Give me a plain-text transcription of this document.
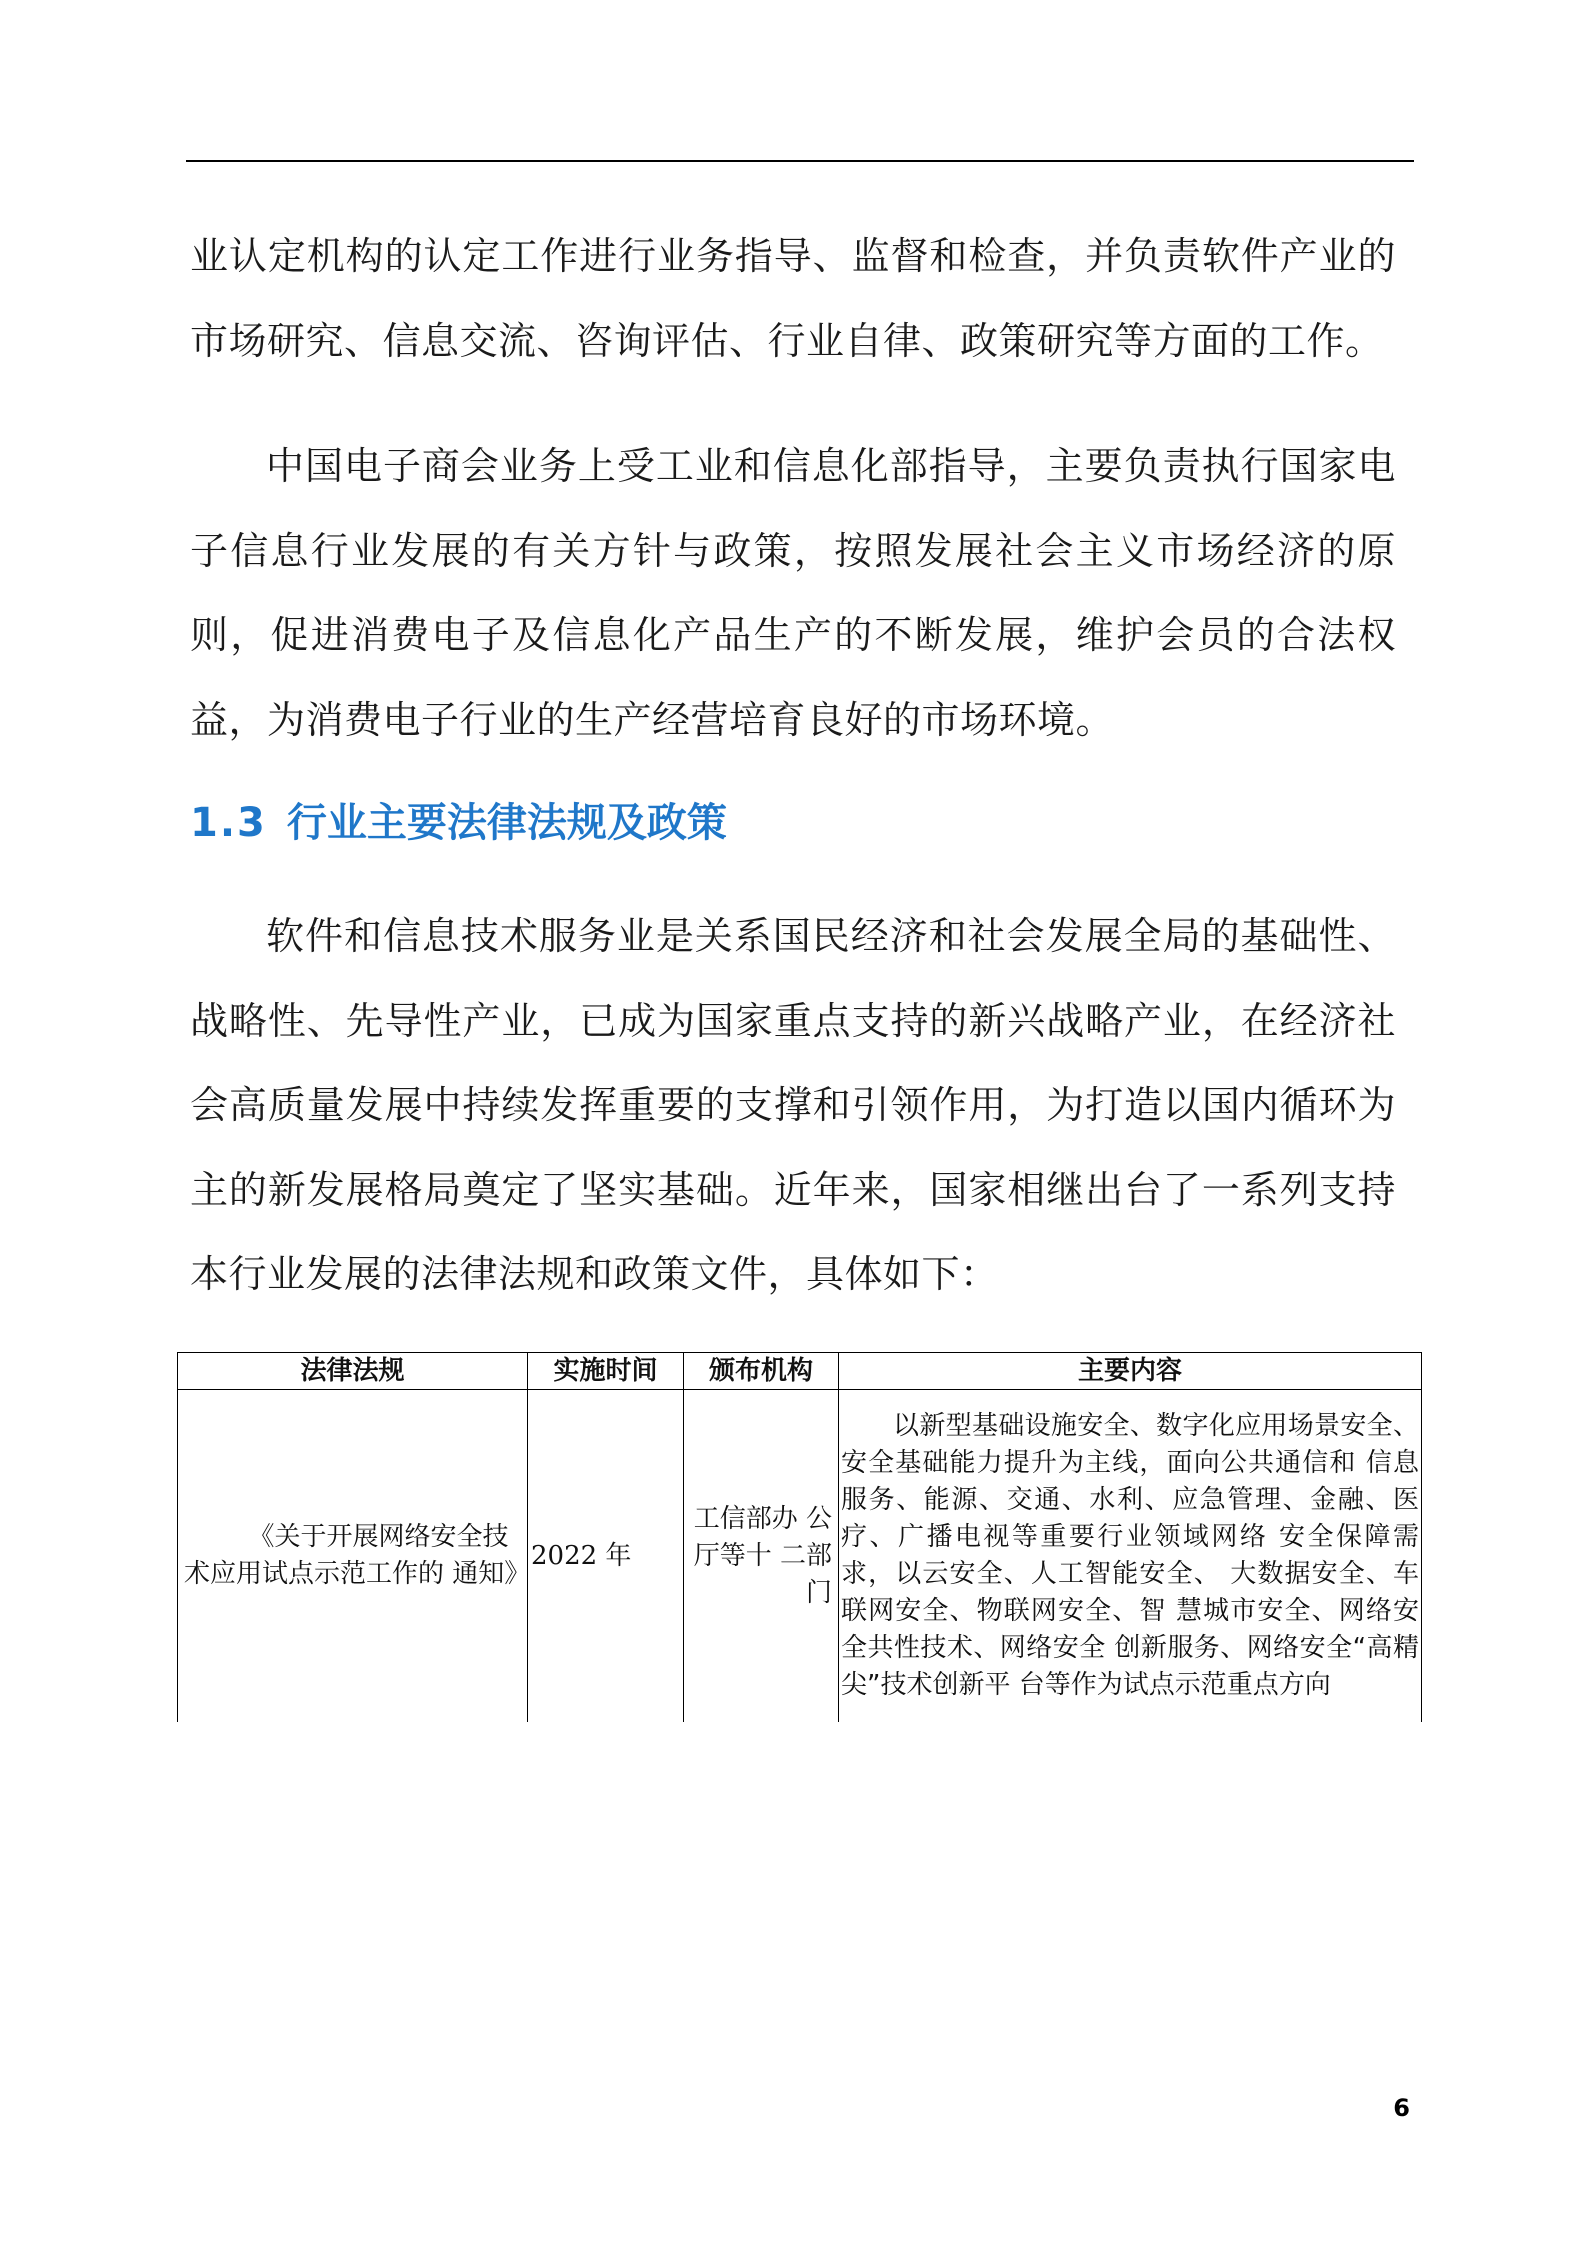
业认定机构的认定工作进行业务指导、监督和检查，并负责软件产业的市场研究、信息交流、咨询评估、行业自律、政策研究等方面的工作。

中国电子商会业务上受工业和信息化部指导，主要负责执行国家电子信息行业发展的有关方针与政策，按照发展社会主义市场经济的原则，促进消费电子及信息化产品生产的不断发展，维护会员的合法权益，为消费电子行业的生产经营培育良好的市场环境。

1.3 行业主要法律法规及政策

软件和信息技术服务业是关系国民经济和社会发展全局的基础性、战略性、先导性产业，已成为国家重点支持的新兴战略产业，在经济社会高质量发展中持续发挥重要的支撑和引领作用，为打造以国内循环为主的新发展格局奠定了坚实基础。近年来，国家相继出台了一系列支持本行业发展的法律法规和政策文件，具体如下：

法律法规	实施时间	颁布机构	主要内容

《关于开展网络安全技术应用试点示范工作的 通知》	2022 年	工信部办 公厅等十 二部门	以新型基础设施安全、数字化应用场景安全、 安全基础能力提升为主线，面向公共通信和 信息服务、能源、交通、水利、应急管理、金融、医疗、广播电视等重要行业领域网络 安全保障需求，以云安全、人工智能安全、 大数据安全、车联网安全、物联网安全、智 慧城市安全、网络安全共性技术、网络安全 创新服务、网络安全“高精尖”技术创新平 台等作为试点示范重点方向
6
